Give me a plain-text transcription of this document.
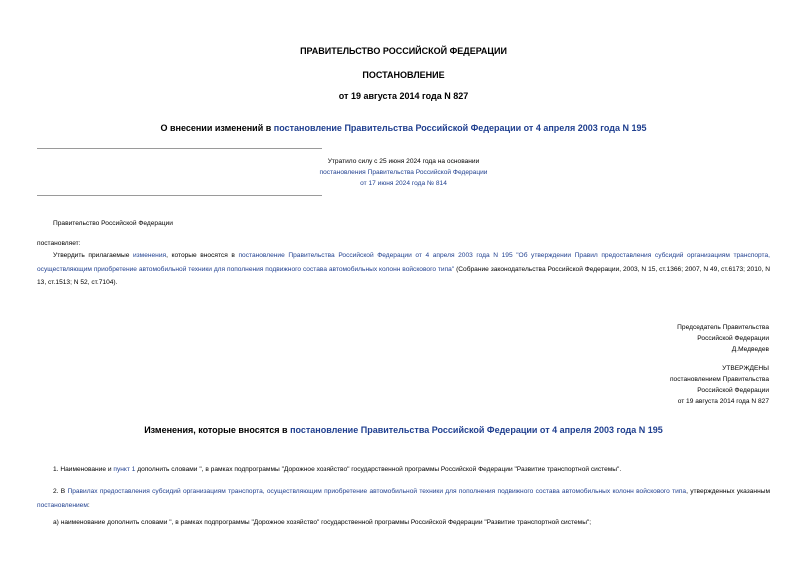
ПРАВИТЕЛЬСТВО РОССИЙСКОЙ ФЕДЕРАЦИИ
ПОСТАНОВЛЕНИЕ
от 19 августа 2014 года N 827
О внесении изменений в постановление Правительства Российской Федерации от 4 апреля 2003 года N 195
Утратило силу с 25 июня 2024 года на основании
постановления Правительства Российской Федерации
от 17 июня 2024 года № 814
Правительство Российской Федерации
постановляет:
Утвердить прилагаемые изменения, которые вносятся в постановление Правительства Российской Федерации от 4 апреля 2003 года N 195 "Об утверждении Правил предоставления субсидий организациям транспорта, осуществляющим приобретение автомобильной техники для пополнения подвижного состава автомобильных колонн войскового типа" (Собрание законодательства Российской Федерации, 2003, N 15, ст.1366; 2007, N 49, ст.6173; 2010, N 13, ст.1513; N 52, ст.7104).
Председатель Правительства
Российской Федерации
Д.Медведев
УТВЕРЖДЕНЫ
постановлением Правительства
Российской Федерации
от 19 августа 2014 года N 827
Изменения, которые вносятся в постановление Правительства Российской Федерации от 4 апреля 2003 года N 195
1. Наименование и пункт 1 дополнить словами ", в рамках подпрограммы "Дорожное хозяйство" государственной программы Российской Федерации "Развитие транспортной системы".
2. В Правилах предоставления субсидий организациям транспорта, осуществляющим приобретение автомобильной техники для пополнения подвижного состава автомобильных колонн войскового типа, утвержденных указанным постановлением:
а) наименование дополнить словами ", в рамках подпрограммы "Дорожное хозяйство" государственной программы Российской Федерации "Развитие транспортной системы";
